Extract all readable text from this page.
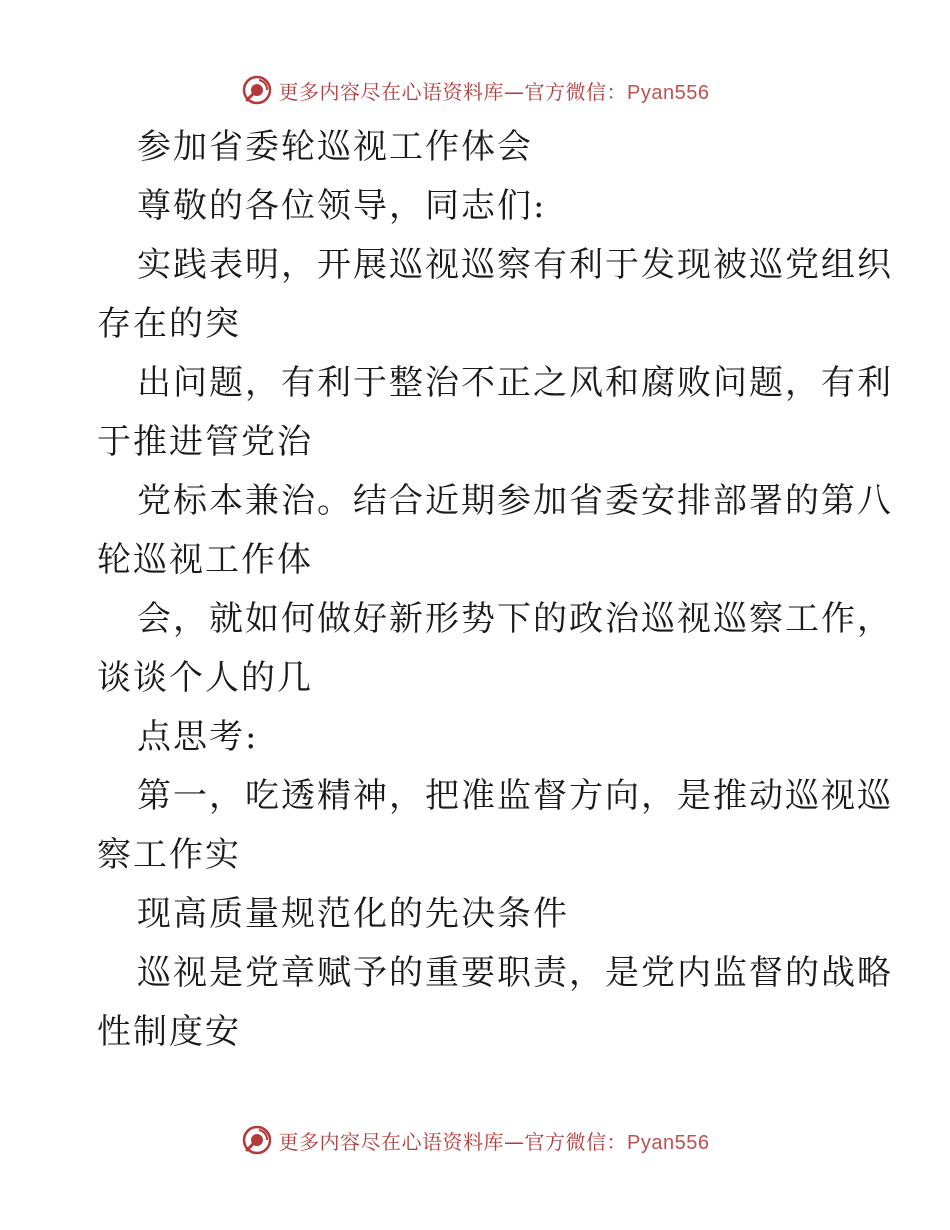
更多内容尽在心语资料库—官方微信：Pyan556
参加省委轮巡视工作体会
尊敬的各位领导，同志们:
实践表明，开展巡视巡察有利于发现被巡党组织
存在的突
出问题，有利于整治不正之风和腐败问题，有利
于推进管党治
党标本兼治。结合近期参加省委安排部署的第八
轮巡视工作体
会，就如何做好新形势下的政治巡视巡察工作，
谈谈个人的几
点思考:
第一，吃透精神，把准监督方向，是推动巡视巡
察工作实
现高质量规范化的先决条件
巡视是党章赋予的重要职责，是党内监督的战略
性制度安
更多内容尽在心语资料库—官方微信：Pyan556
